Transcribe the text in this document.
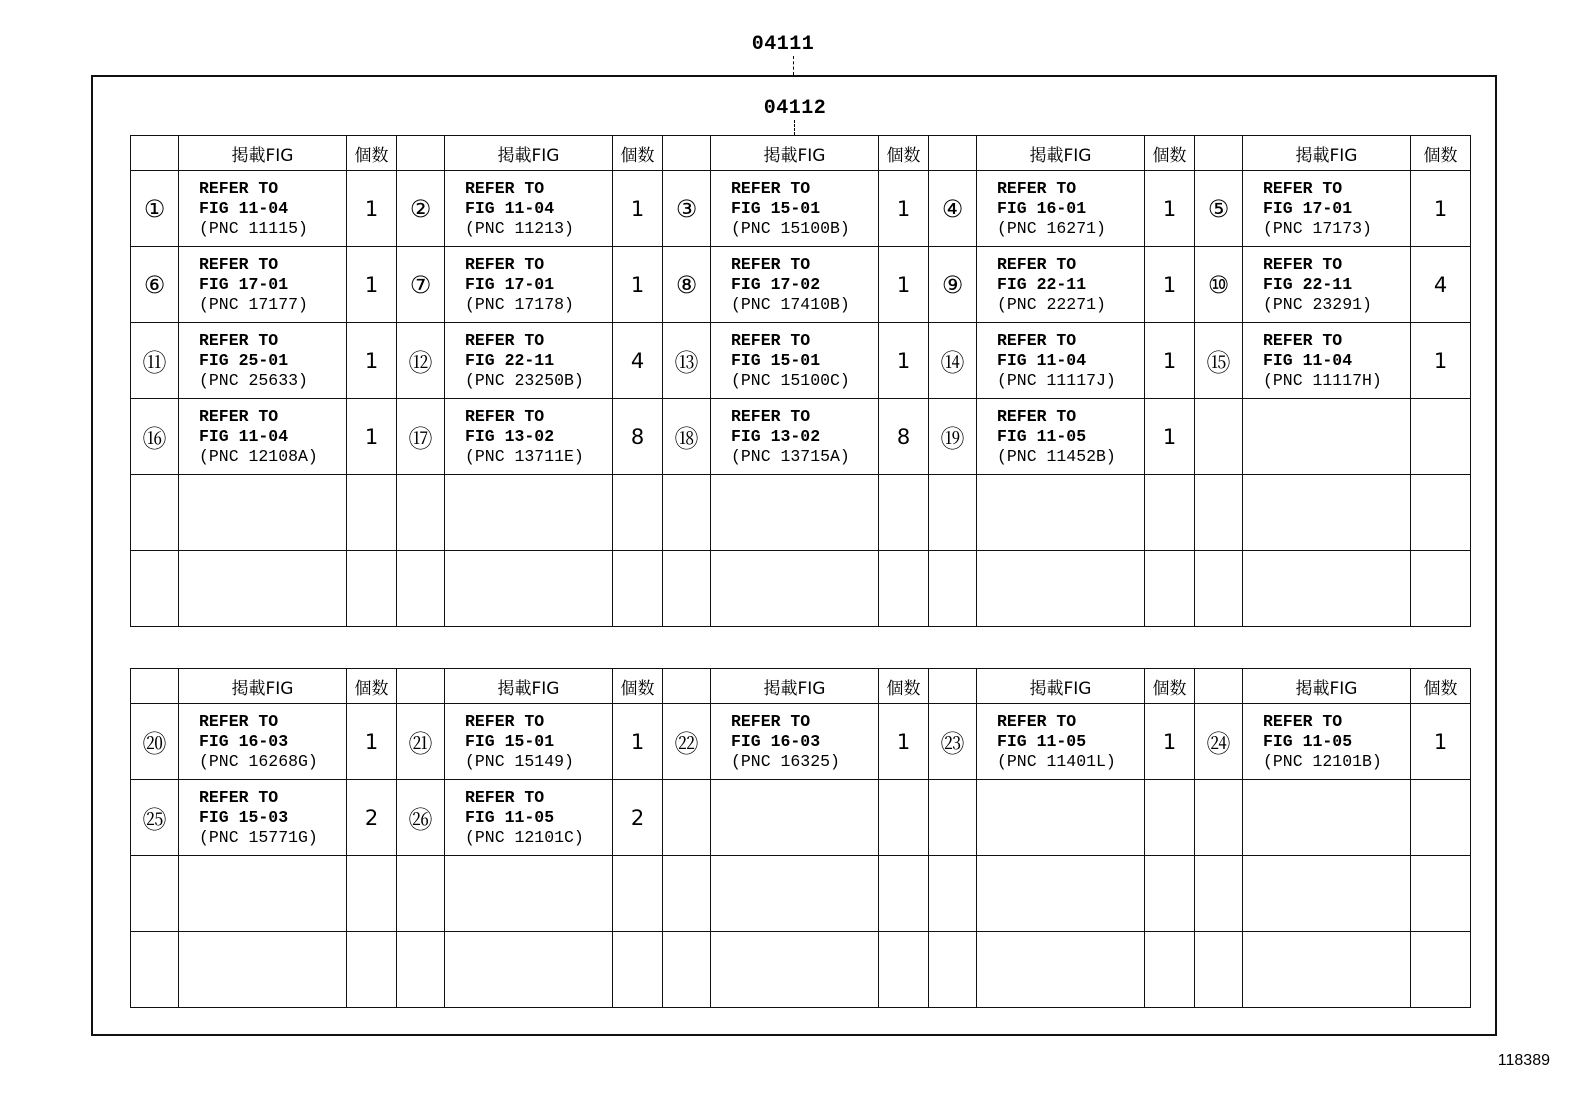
04111
04112
	掲載FIG	個数		掲載FIG	個数		掲載FIG	個数		掲載FIG	個数		掲載FIG	個数
①	REFER TO
FIG 11-04
(PNC 11115)	1	②	REFER TO
FIG 11-04
(PNC 11213)	1	③	REFER TO
FIG 15-01
(PNC 15100B)	1	④	REFER TO
FIG 16-01
(PNC 16271)	1	⑤	REFER TO
FIG 17-01
(PNC 17173)	1
⑥	REFER TO
FIG 17-01
(PNC 17177)	1	⑦	REFER TO
FIG 17-01
(PNC 17178)	1	⑧	REFER TO
FIG 17-02
(PNC 17410B)	1	⑨	REFER TO
FIG 22-11
(PNC 22271)	1	⑩	REFER TO
FIG 22-11
(PNC 23291)	4
⑪	REFER TO
FIG 25-01
(PNC 25633)	1	⑫	REFER TO
FIG 22-11
(PNC 23250B)	4	⑬	REFER TO
FIG 15-01
(PNC 15100C)	1	⑭	REFER TO
FIG 11-04
(PNC 11117J)	1	⑮	REFER TO
FIG 11-04
(PNC 11117H)	1
⑯	REFER TO
FIG 11-04
(PNC 12108A)	1	⑰	REFER TO
FIG 13-02
(PNC 13711E)	8	⑱	REFER TO
FIG 13-02
(PNC 13715A)	8	⑲	REFER TO
FIG 11-05
(PNC 11452B)	1		

	掲載FIG	個数		掲載FIG	個数		掲載FIG	個数		掲載FIG	個数		掲載FIG	個数
⑳	REFER TO
FIG 16-03
(PNC 16268G)	1	㉑	REFER TO
FIG 15-01
(PNC 15149)	1	㉒	REFER TO
FIG 16-03
(PNC 16325)	1	㉓	REFER TO
FIG 11-05
(PNC 11401L)	1	㉔	REFER TO
FIG 11-05
(PNC 12101B)	1
㉕	REFER TO
FIG 15-03
(PNC 15771G)	2	㉖	REFER TO
FIG 11-05
(PNC 12101C)	2		

118389
